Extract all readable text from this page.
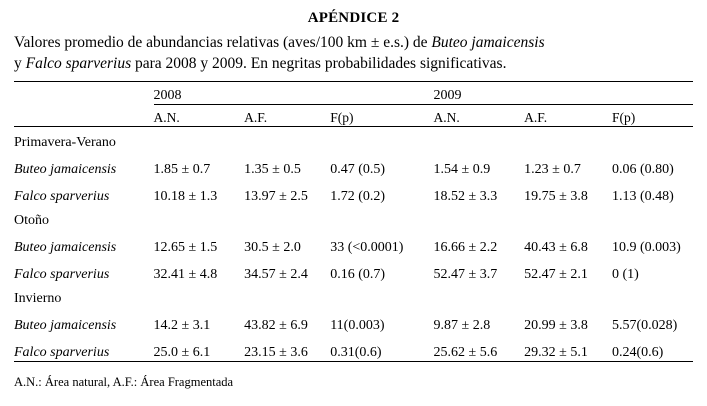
APÉNDICE 2
Valores promedio de abundancias relativas (aves/100 km ± e.s.) de Buteo jamaicensis
y Falco sparverius para 2008 y 2009. En negritas probabilidades significativas.
	2008			2009		
	A.N.	A.F.	F(p)	A.N.	A.F.	F(p)
Primavera-Verano						
Buteo jamaicensis	1.85 ± 0.7	1.35 ± 0.5	0.47 (0.5)	1.54 ± 0.9	1.23 ± 0.7	0.06 (0.80)
Falco sparverius	10.18 ± 1.3	13.97 ± 2.5	1.72 (0.2)	18.52 ± 3.3	19.75 ± 3.8	1.13 (0.48)
Otoño						
Buteo jamaicensis	12.65 ± 1.5	30.5 ± 2.0	33 (<0.0001)	16.66 ± 2.2	40.43 ± 6.8	10.9 (0.003)
Falco sparverius	32.41 ± 4.8	34.57 ± 2.4	0.16 (0.7)	52.47 ± 3.7	52.47 ± 2.1	0 (1)
Invierno						
Buteo jamaicensis	14.2 ± 3.1	43.82 ± 6.9	11(0.003)	9.87 ± 2.8	20.99 ± 3.8	5.57(0.028)
Falco sparverius	25.0 ± 6.1	23.15 ± 3.6	0.31(0.6)	25.62 ± 5.6	29.32 ± 5.1	0.24(0.6)
A.N.: Área natural, A.F.: Área Fragmentada
